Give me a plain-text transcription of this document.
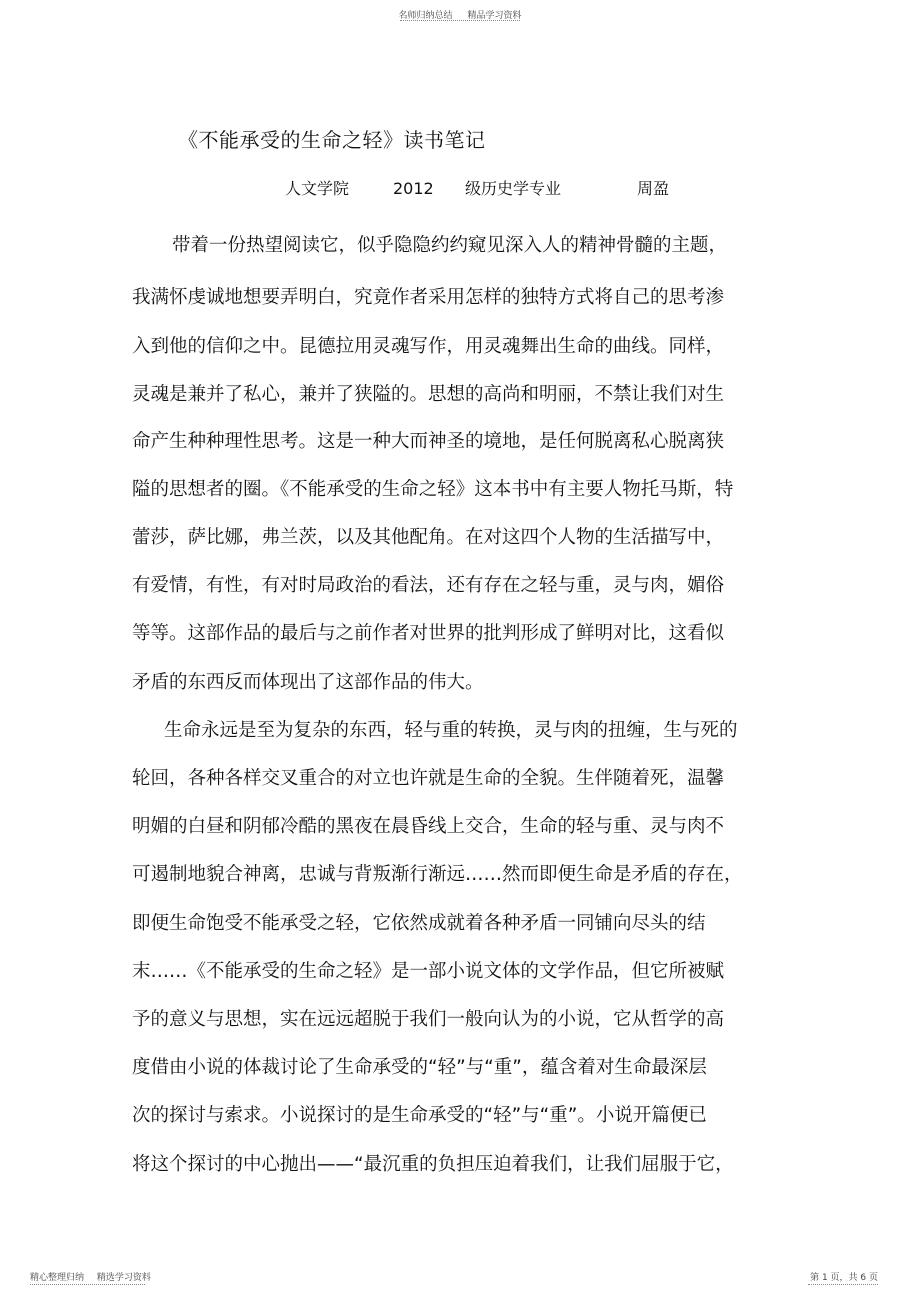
名师归纳总结 精品学习资料
《不能承受的生命之轻》读书笔记
人文学院	2012 级历史学专业	周盈
带着一份热望阅读它，似乎隐隐约约窥见深入人的精神骨髓的主题，
我满怀虔诚地想要弄明白，究竟作者采用怎样的独特方式将自己的思考渗
入到他的信仰之中。昆德拉用灵魂写作，用灵魂舞出生命的曲线。同样，
灵魂是兼并了私心，兼并了狭隘的。思想的高尚和明丽，不禁让我们对生
命产生种种理性思考。这是一种大而神圣的境地，是任何脱离私心脱离狭
隘的思想者的圈。《不能承受的生命之轻》这本书中有主要人物托马斯，特
蕾莎，萨比娜，弗兰茨，以及其他配角。在对这四个人物的生活描写中，
有爱情，有性，有对时局政治的看法，还有存在之轻与重，灵与肉，媚俗
等等。这部作品的最后与之前作者对世界的批判形成了鲜明对比，这看似
矛盾的东西反而体现出了这部作品的伟大。
生命永远是至为复杂的东西，轻与重的转换，灵与肉的扭缠，生与死的
轮回，各种各样交叉重合的对立也许就是生命的全貌。生伴随着死，温馨
明媚的白昼和阴郁冷酷的黑夜在晨昏线上交合，生命的轻与重、灵与肉不
可遏制地貌合神离，忠诚与背叛渐行渐远……然而即便生命是矛盾的存在，
即便生命饱受不能承受之轻，它依然成就着各种矛盾一同铺向尽头的结
末……《不能承受的生命之轻》是一部小说文体的文学作品，但它所被赋
予的意义与思想，实在远远超脱于我们一般向认为的小说，它从哲学的高
度借由小说的体裁讨论了生命承受的“轻”与“重”，蕴含着对生命最深层
次的探讨与索求。小说探讨的是生命承受的“轻”与“重”。小说开篇便已
将这个探讨的中心抛出——“最沉重的负担压迫着我们，让我们屈服于它，
精心整理归纳 精选学习资料	第 1 页，共 6 页
